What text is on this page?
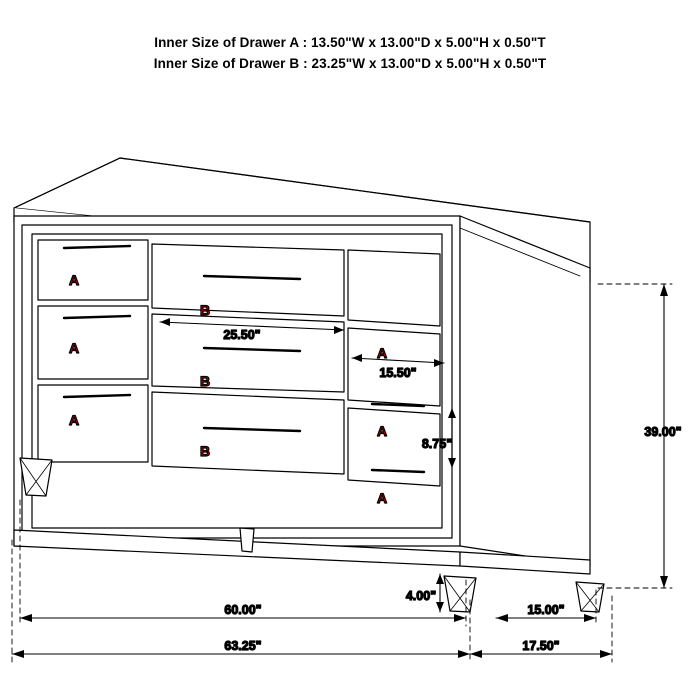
Inner Size of Drawer A : 13.50"W x 13.00"D x 5.00"H x 0.50"T
Inner Size of Drawer B : 23.25"W x 13.00"D x 5.00"H x 0.50"T
25.50"
15.50"
8.75"
39.00"
4.00"
60.00"	15.00"
63.25"	17.50"
A
A
A
B
B
B
A
A
A
